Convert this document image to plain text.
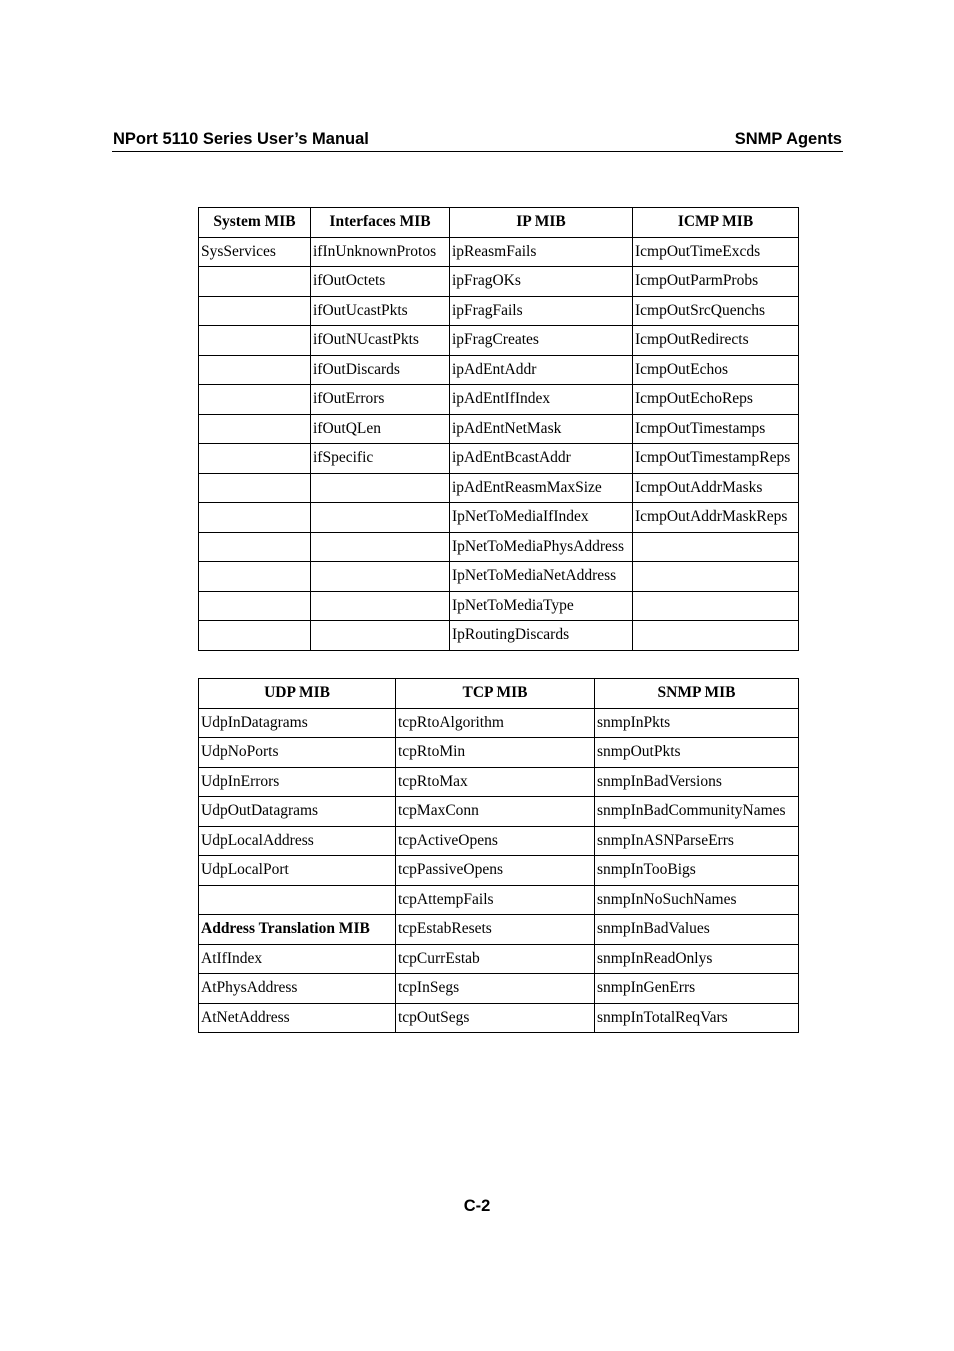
NPort 5110 Series User’s Manual	SNMP Agents
System MIB	Interfaces MIB	IP MIB	ICMP MIB
SysServices	ifInUnknownProtos	ipReasmFails	IcmpOutTimeExcds
	ifOutOctets	ipFragOKs	IcmpOutParmProbs
	ifOutUcastPkts	ipFragFails	IcmpOutSrcQuenchs
	ifOutNUcastPkts	ipFragCreates	IcmpOutRedirects
	ifOutDiscards	ipAdEntAddr	IcmpOutEchos
	ifOutErrors	ipAdEntIfIndex	IcmpOutEchoReps
	ifOutQLen	ipAdEntNetMask	IcmpOutTimestamps
	ifSpecific	ipAdEntBcastAddr	IcmpOutTimestampReps
		ipAdEntReasmMaxSize	IcmpOutAddrMasks
		IpNetToMediaIfIndex	IcmpOutAddrMaskReps
		IpNetToMediaPhysAddress	
		IpNetToMediaNetAddress	
		IpNetToMediaType	
		IpRoutingDiscards	
UDP MIB	TCP MIB	SNMP MIB
UdpInDatagrams	tcpRtoAlgorithm	snmpInPkts
UdpNoPorts	tcpRtoMin	snmpOutPkts
UdpInErrors	tcpRtoMax	snmpInBadVersions
UdpOutDatagrams	tcpMaxConn	snmpInBadCommunityNames
UdpLocalAddress	tcpActiveOpens	snmpInASNParseErrs
UdpLocalPort	tcpPassiveOpens	snmpInTooBigs
	tcpAttempFails	snmpInNoSuchNames
Address Translation MIB	tcpEstabResets	snmpInBadValues
AtIfIndex	tcpCurrEstab	snmpInReadOnlys
AtPhysAddress	tcpInSegs	snmpInGenErrs
AtNetAddress	tcpOutSegs	snmpInTotalReqVars
C-2
